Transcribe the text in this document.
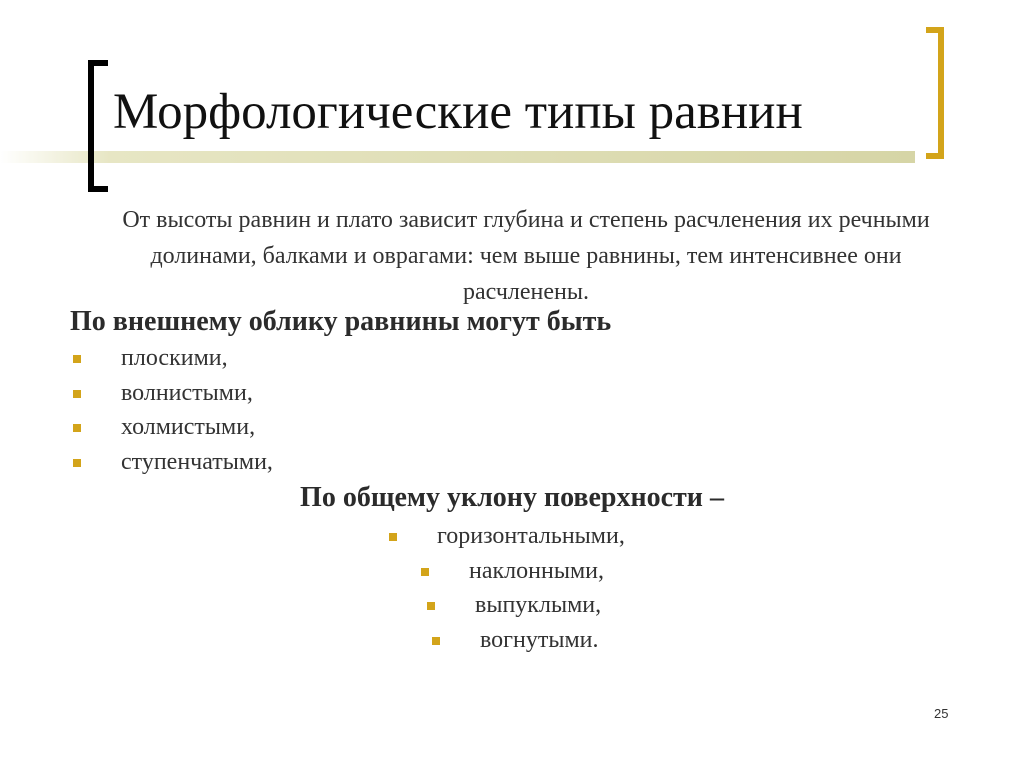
Морфологические типы равнин

От высоты равнин и плато зависит глубина и степень расчленения их речными долинами, балками и оврагами: чем выше равнины, тем интенсивнее они расчленены.

По внешнему облику равнины могут быть
плоскими,
волнистыми,
холмистыми,
ступенчатыми,
По общему уклону поверхности –
горизонтальными,
наклонными,
выпуклыми,
вогнутыми.
25
